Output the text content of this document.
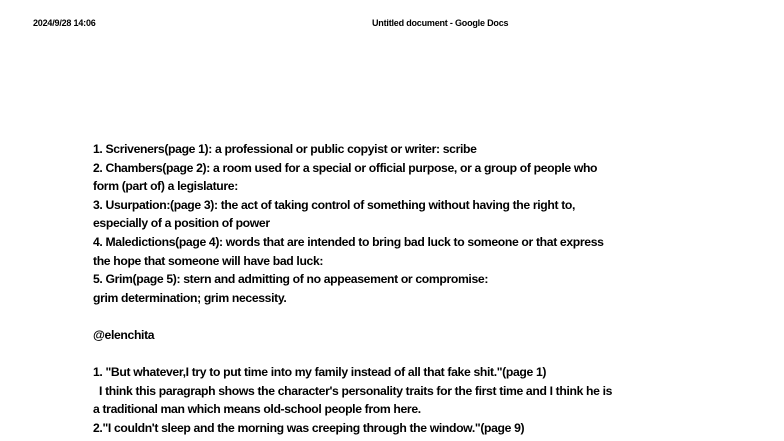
2024/9/28 14:06	Untitled document - Google Docs

1. Scriveners(page 1): a professional or public copyist or writer: scribe

2. Chambers(page 2): a room used for a special or official purpose, or a group of people who

form (part of) a legislature:

3. Usurpation:(page 3): the act of taking control of something without having the right to,

especially of a position of power

4. Maledictions(page 4): words that are intended to bring bad luck to someone or that express

the hope that someone will have bad luck:

5. Grim(page 5): stern and admitting of no appeasement or compromise:

grim determination; grim necessity.

@elenchita

1. "But whatever,I try to put time into my family instead of all that fake shit."(page 1)

I think this paragraph shows the character's personality traits for the first time and I think he is

a traditional man which means old-school people from here.

2."I couldn't sleep and the morning was creeping through the window."(page 9)
